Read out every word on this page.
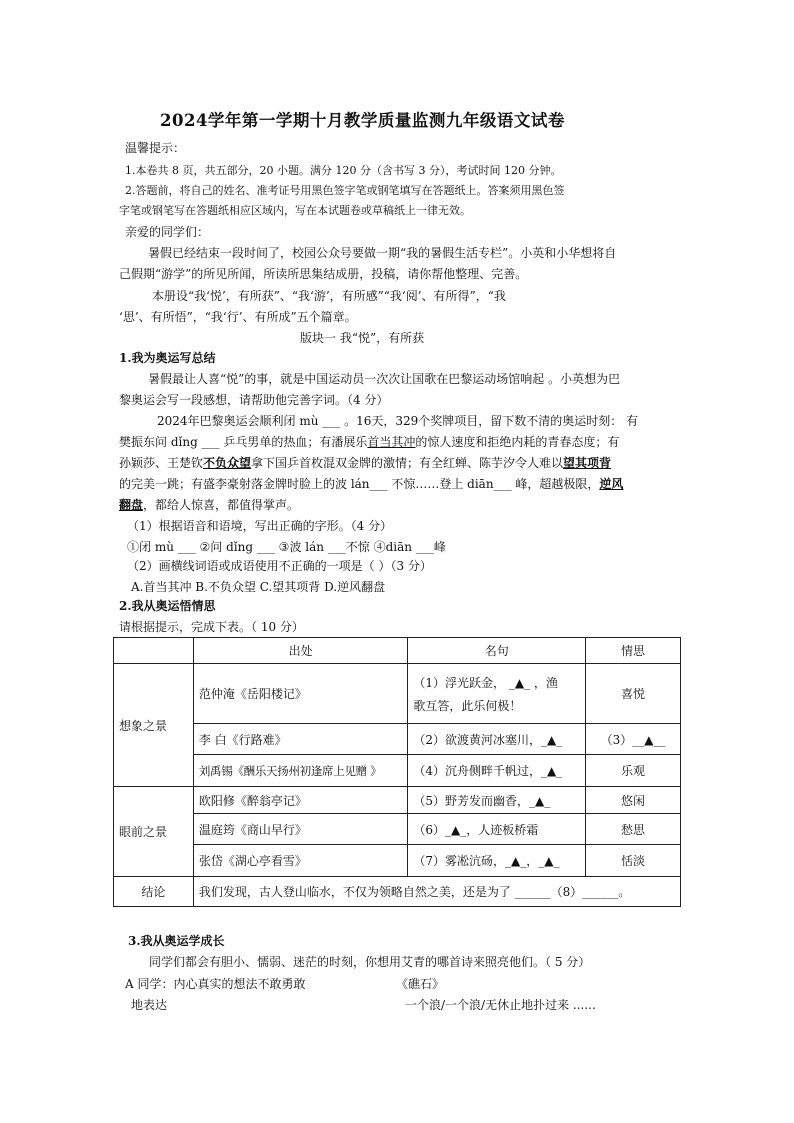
2024学年第一学期十月教学质量监测九年级语文试卷
温馨提示：
1.本卷共 8 页，共五部分，20 小题。满分 120 分（含书写 3 分），考试时间 120 分钟。
2.答题前，将自己的姓名、准考证号用黑色签字笔或钢笔填写在答题纸上。答案须用黑色签
字笔或钢笔写在答题纸相应区域内，写在本试题卷或草稿纸上一律无效。
亲爱的同学们：
暑假已经结束一段时间了，校园公众号要做一期“我的暑假生活专栏”。小英和小华想将自
己假期“游学”的所见所闻，所读所思集结成册，投稿，请你帮他整理、完善。
本册设“我‘悦’，有所获”、“我‘游’，有所感”“我‘阅’、有所得”，“我
‘思’、有所悟”，“我‘行’、有所成”五个篇章。
版块一 我“悦”，有所获
1.我为奥运写总结
暑假最让人喜“悦”的事，就是中国运动员一次次让国歌在巴黎运动场馆响起 。小英想为巴
黎奥运会写一段感想，请帮助他完善字词。（4 分）
2024年巴黎奥运会顺利闭 mù ___ 。16天，329个奖牌项目，留下数不清的奥运时刻： 有
樊振东问 dǐng ___ 乒乓男单的热血；有潘展乐首当其冲的惊人速度和拒绝内耗的青春态度；有
孙颖莎、王楚钦不负众望拿下国乒首枚混双金牌的激情；有全红蝉、陈芋汐令人难以望其项背
的完美一跳；有盛李豪射落金牌时脸上的波 lán___ 不惊……登上 diān___ 峰，超越极限，逆风
翻盘，都给人惊喜，都值得掌声。
（1）根据语音和语境，写出正确的字形。（4 分）
①闭 mù ___ ②问 dǐng ___ ③波 lán ___不惊 ④diān ___峰
（2）画横线词语或成语使用不正确的一项是（ ）（3 分）
A.首当其冲 B.不负众望 C.望其项背 D.逆风翻盘
2.我从奥运悟情思
请根据提示，完成下表。（ 10 分）
	出处	名句	情思
想象之景	范仲淹《岳阳楼记》	（1）浮光跃金， _▲_ ，渔
歌互答，此乐何极！	喜悦
	李 白《行路难》	（2）欲渡黄河冰塞川，_▲_	（3）__▲__
	刘禹锡《酬乐天扬州初逢席上见赠 》	（4）沉舟侧畔千帆过，_▲_	乐观
眼前之景	欧阳修《醉翁亭记》	（5）野芳发而幽香，_▲_	悠闲
	温庭筠《商山早行》	（6）_▲_，人迹板桥霜	愁思
	张岱《湖心亭看雪》	（7）雾凇沆砀，_▲_，_▲_	恬淡
结论	我们发现，古人登山临水，不仅为领略自然之美，还是为了 ______（8）______。		
3.我从奥运学成长
同学们都会有胆小、懦弱、迷茫的时刻，你想用艾青的哪首诗来照亮他们。（ 5 分）
A 同学：内心真实的想法不敢勇敢
地表达
《礁石》
一个浪/一个浪/无休止地扑过来 ......
